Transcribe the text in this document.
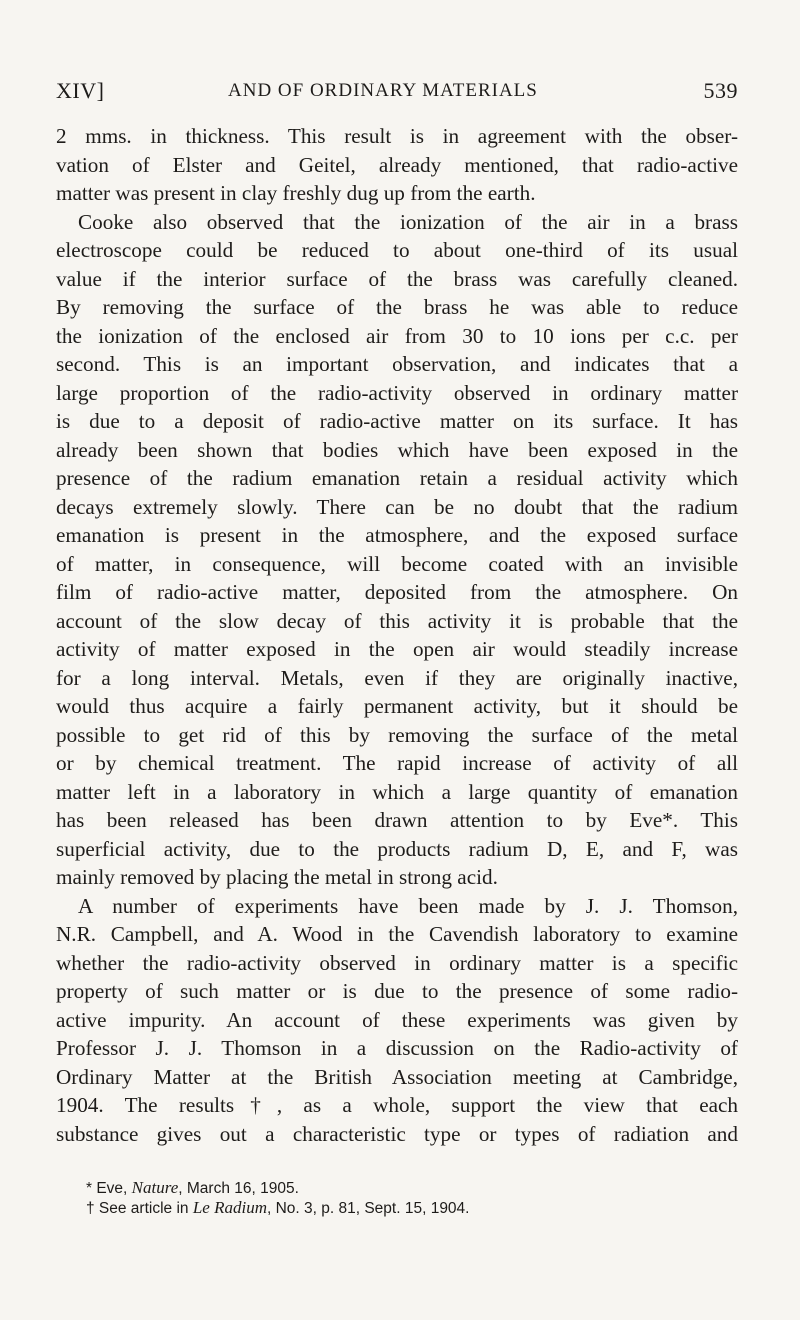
XIV]	AND OF ORDINARY MATERIALS	539
2 mms. in thickness. This result is in agreement with the obser-
vation of Elster and Geitel, already mentioned, that radio-active
matter was present in clay freshly dug up from the earth.
Cooke also observed that the ionization of the air in a brass
electroscope could be reduced to about one-third of its usual
value if the interior surface of the brass was carefully cleaned.
By removing the surface of the brass he was able to reduce
the ionization of the enclosed air from 30 to 10 ions per c.c. per
second. This is an important observation, and indicates that a
large proportion of the radio-activity observed in ordinary matter
is due to a deposit of radio-active matter on its surface. It has
already been shown that bodies which have been exposed in the
presence of the radium emanation retain a residual activity which
decays extremely slowly. There can be no doubt that the radium
emanation is present in the atmosphere, and the exposed surface
of matter, in consequence, will become coated with an invisible
film of radio-active matter, deposited from the atmosphere. On
account of the slow decay of this activity it is probable that the
activity of matter exposed in the open air would steadily increase
for a long interval. Metals, even if they are originally inactive,
would thus acquire a fairly permanent activity, but it should be
possible to get rid of this by removing the surface of the metal
or by chemical treatment. The rapid increase of activity of all
matter left in a laboratory in which a large quantity of emanation
has been released has been drawn attention to by Eve*. This
superficial activity, due to the products radium D, E, and F, was
mainly removed by placing the metal in strong acid.
A number of experiments have been made by J. J. Thomson,
N.R. Campbell, and A. Wood in the Cavendish laboratory to examine
whether the radio-activity observed in ordinary matter is a specific
property of such matter or is due to the presence of some radio-
active impurity. An account of these experiments was given by
Professor J. J. Thomson in a discussion on the Radio-activity of
Ordinary Matter at the British Association meeting at Cambridge,
1904. The results†, as a whole, support the view that each
substance gives out a characteristic type or types of radiation and
* Eve, Nature, March 16, 1905.
† See article in Le Radium, No. 3, p. 81, Sept. 15, 1904.
